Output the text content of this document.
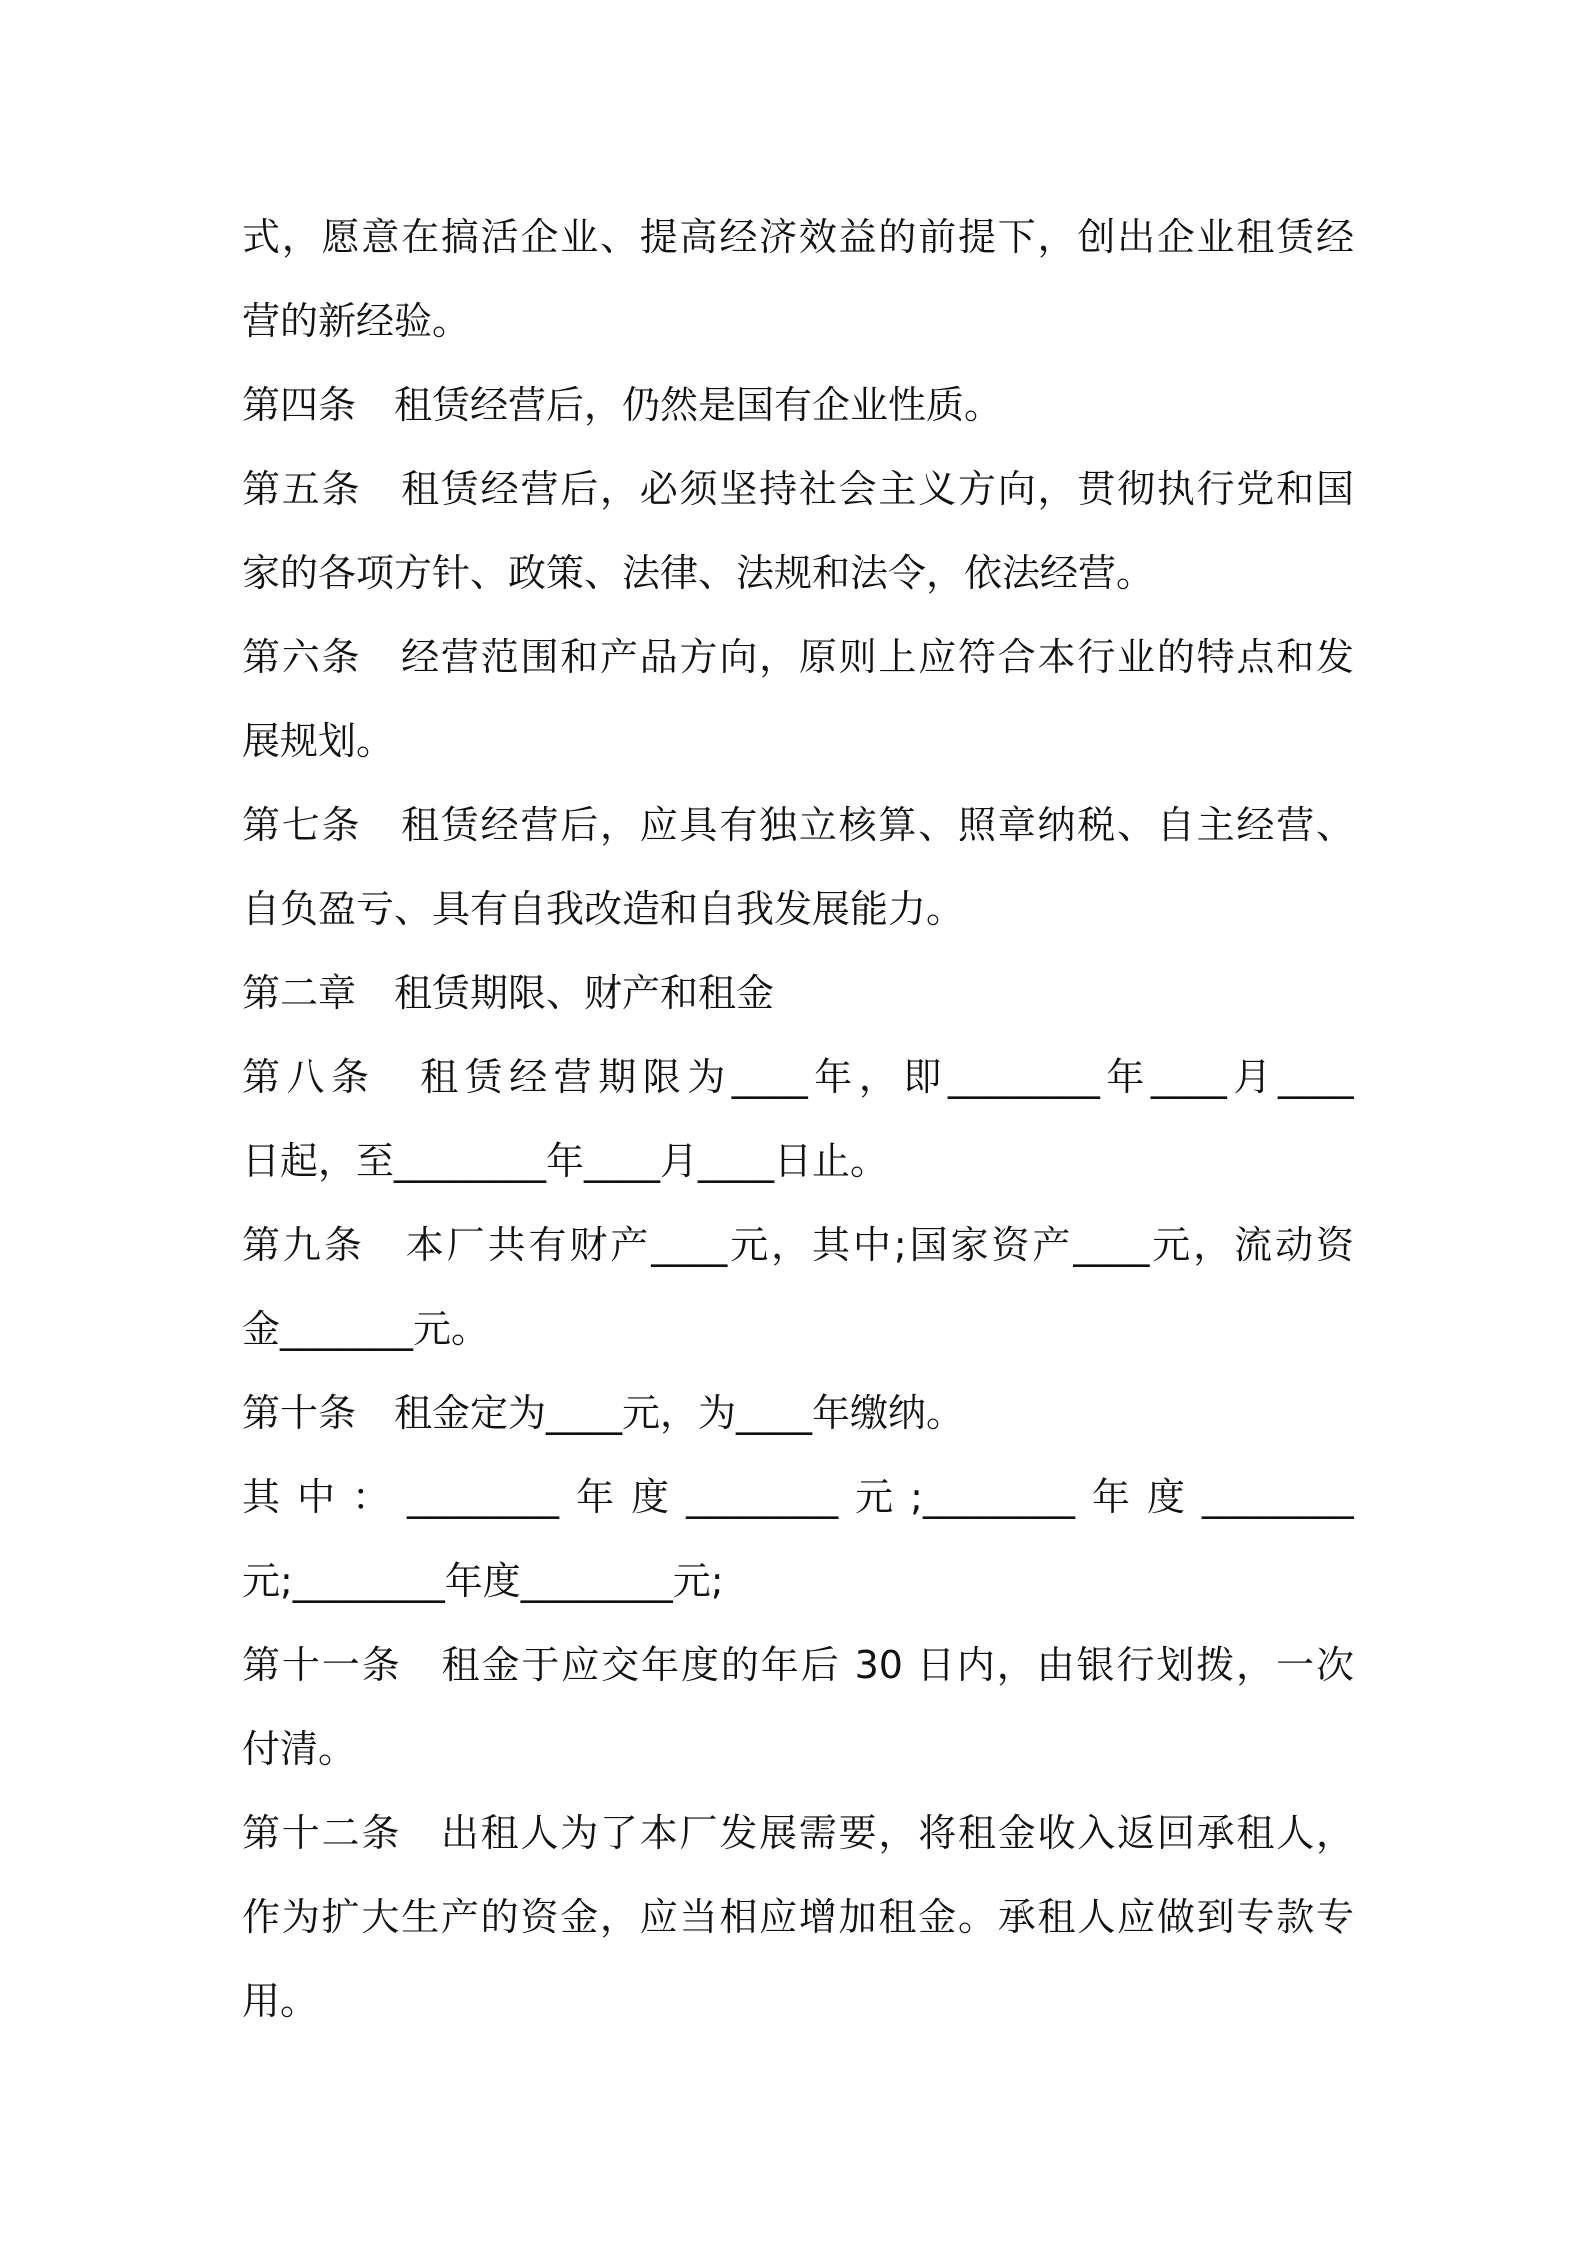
式，愿意在搞活企业、提高经济效益的前提下，创出企业租赁经
营的新经验。
第四条　租赁经营后，仍然是国有企业性质。
第五条　租赁经营后，必须坚持社会主义方向，贯彻执行党和国
家的各项方针、政策、法律、法规和法令，依法经营。
第六条　经营范围和产品方向，原则上应符合本行业的特点和发
展规划。
第七条　租赁经营后，应具有独立核算、照章纳税、自主经营、
自负盈亏、具有自我改造和自我发展能力。
第二章　租赁期限、财产和租金
第八条　租赁经营期限为____年，即________年____月____
日起，至________年____月____日止。
第九条　本厂共有财产____元，其中;国家资产____元，流动资
金_______元。
第十条　租金定为____元，为____年缴纳。
其中：________年度________元;________年度________
元;________年度________元;
第十一条　租金于应交年度的年后 30 日内，由银行划拨，一次
付清。
第十二条　出租人为了本厂发展需要，将租金收入返回承租人，
作为扩大生产的资金，应当相应增加租金。承租人应做到专款专
用。
